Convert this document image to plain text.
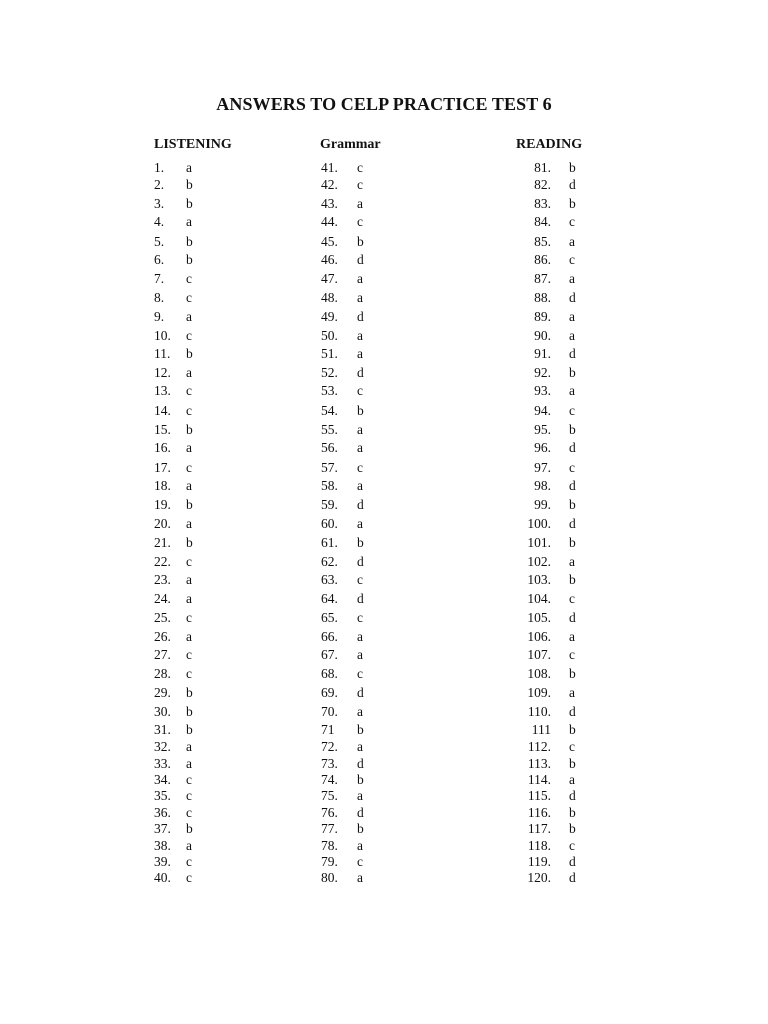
ANSWERS TO CELP PRACTICE TEST 6
LISTENING
1. a
2. b
3. b
4. a
5. b
6. b
7. c
8. c
9. a
10. c
11. b
12. a
13. c
14. c
15. b
16. a
17. c
18. a
19. b
20. a
21. b
22. c
23. a
24. a
25. c
26. a
27. c
28. c
29. b
30. b
31. b
32. a
33. a
34. c
35. c
36. c
37. b
38. a
39. c
40. c
Grammar
41. c
42. c
43. a
44. c
45. b
46. d
47. a
48. a
49. d
50. a
51. a
52. d
53. c
54. b
55. a
56. a
57. c
58. a
59. d
60. a
61. b
62. d
63. c
64. d
65. c
66. a
67. a
68. c
69. d
70. a
71 b
72. a
73. d
74. b
75. a
76. d
77. b
78. a
79. c
80. a
READING
81. b
82. d
83. b
84. c
85. a
86. c
87. a
88. d
89. a
90. a
91. d
92. b
93. a
94. c
95. b
96. d
97. c
98. d
99. b
100. d
101. b
102. a
103. b
104. c
105. d
106. a
107. c
108. b
109. a
110. d
111 b
112. c
113. b
114. a
115. d
116. b
117. b
118. c
119. d
120. d
